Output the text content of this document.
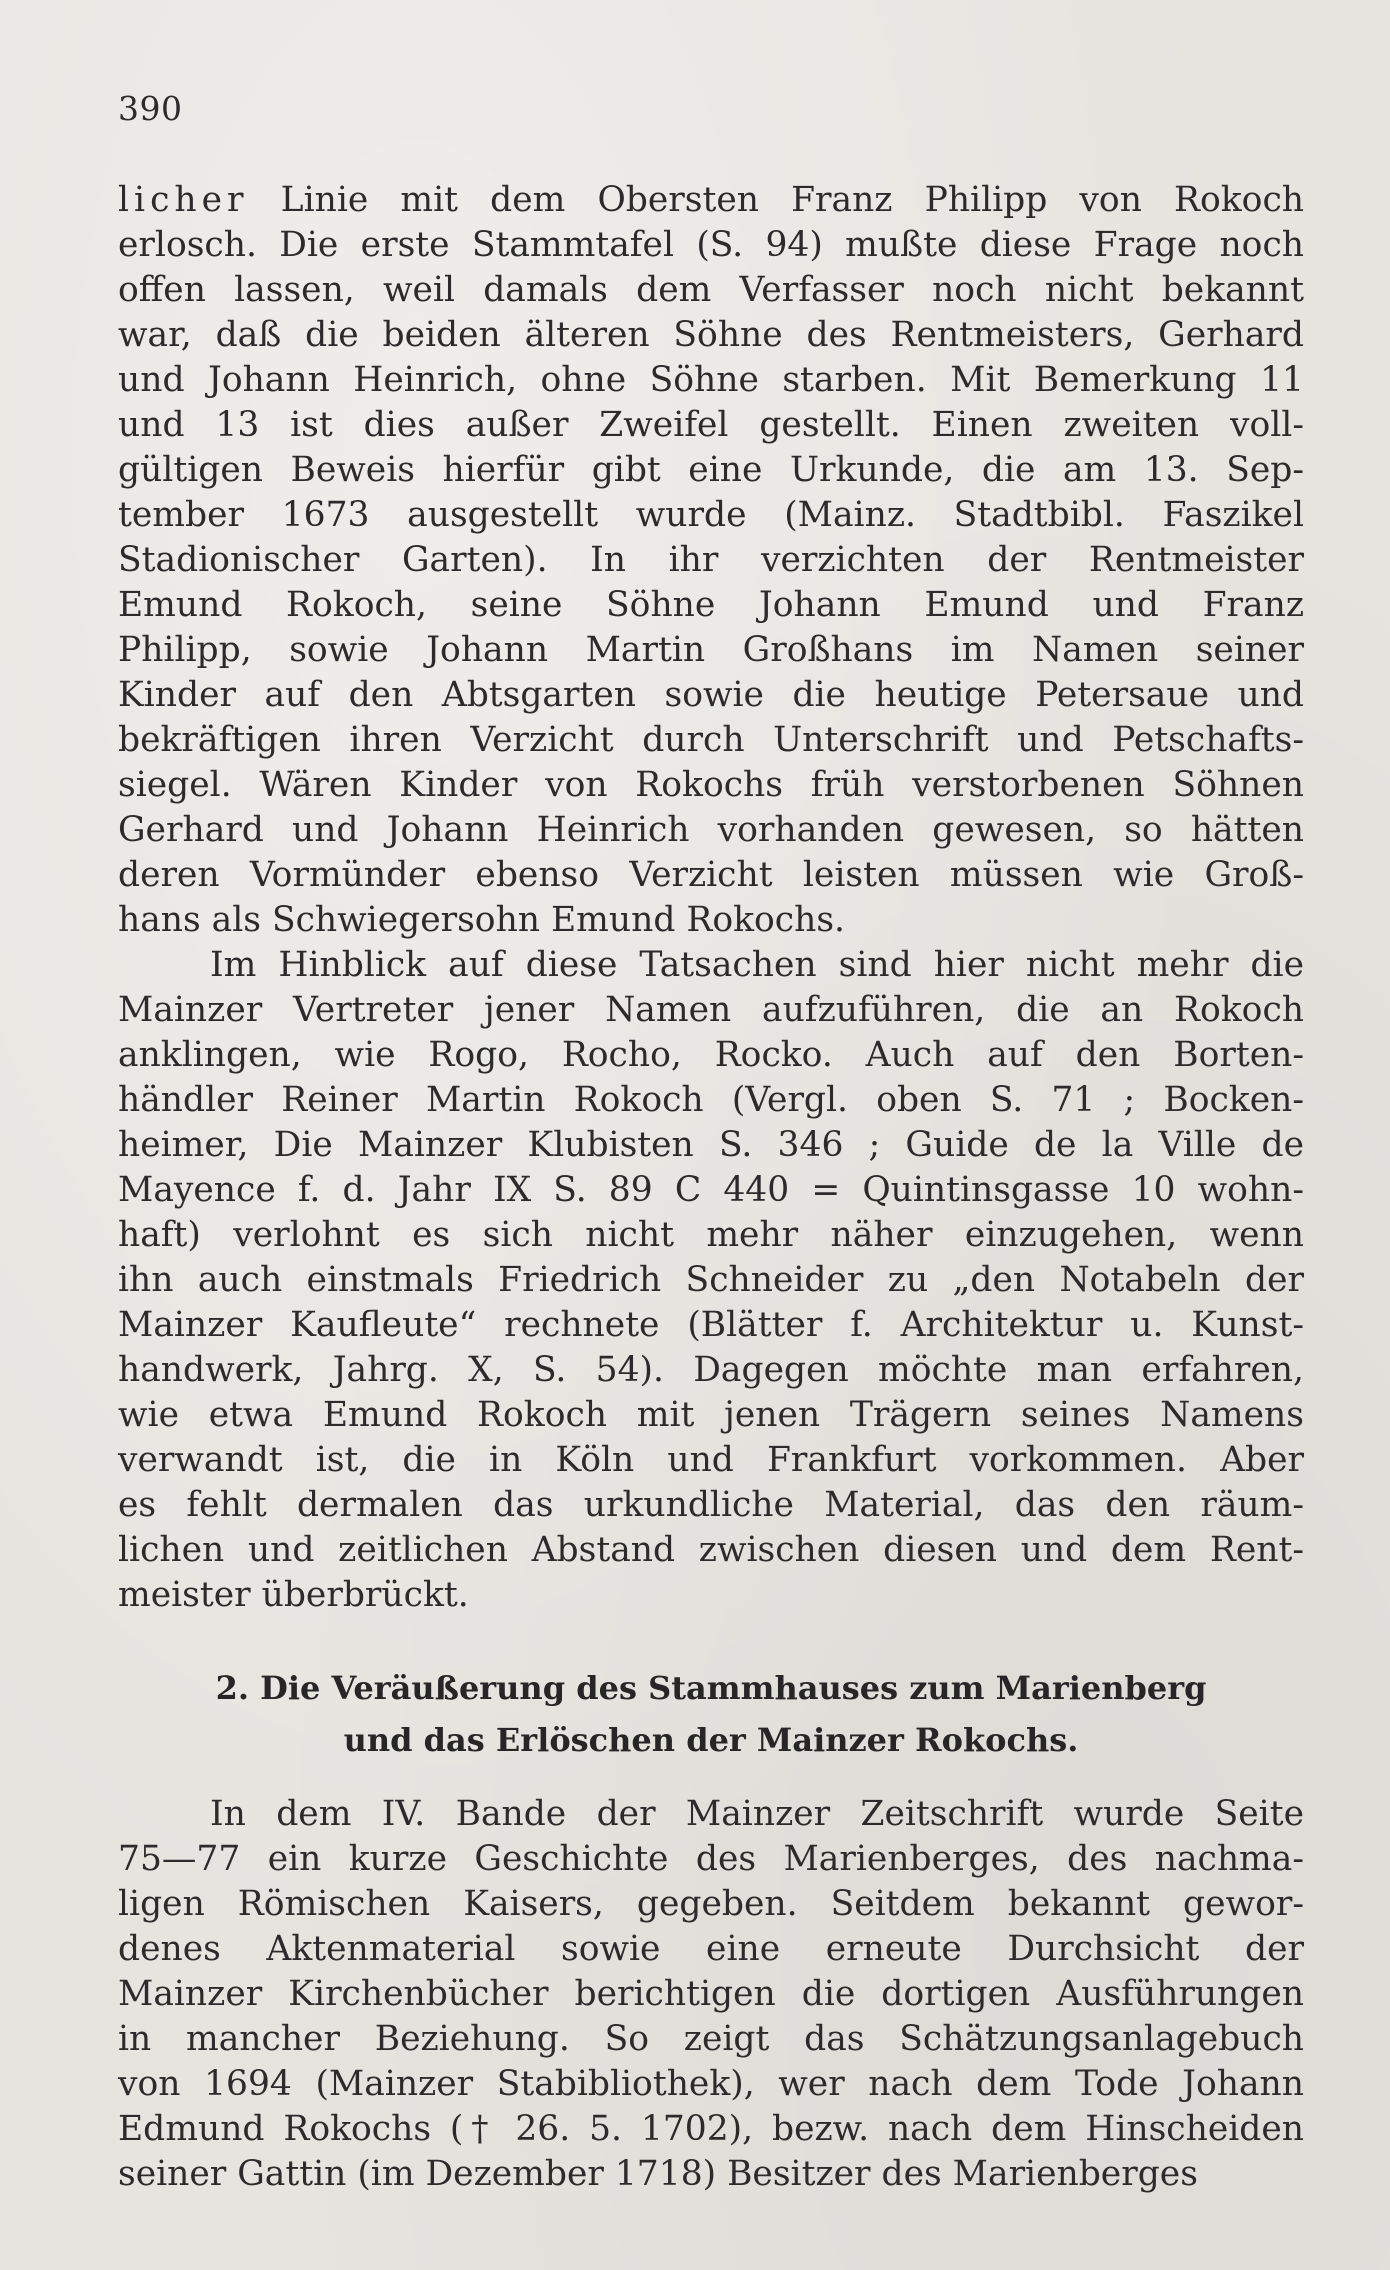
390
licher Linie mit dem Obersten Franz Philipp von Rokoch
erlosch. Die erste Stammtafel (S. 94) mußte diese Frage noch
offen lassen, weil damals dem Verfasser noch nicht bekannt
war, daß die beiden älteren Söhne des Rentmeisters, Gerhard
und Johann Heinrich, ohne Söhne starben. Mit Bemerkung 11
und 13 ist dies außer Zweifel gestellt. Einen zweiten voll-
gültigen Beweis hierfür gibt eine Urkunde, die am 13. Sep-
tember 1673 ausgestellt wurde (Mainz. Stadtbibl. Faszikel
Stadionischer Garten). In ihr verzichten der Rentmeister
Emund Rokoch, seine Söhne Johann Emund und Franz
Philipp, sowie Johann Martin Großhans im Namen seiner
Kinder auf den Abtsgarten sowie die heutige Petersaue und
bekräftigen ihren Verzicht durch Unterschrift und Petschafts-
siegel. Wären Kinder von Rokochs früh verstorbenen Söhnen
Gerhard und Johann Heinrich vorhanden gewesen, so hätten
deren Vormünder ebenso Verzicht leisten müssen wie Groß-
hans als Schwiegersohn Emund Rokochs.
Im Hinblick auf diese Tatsachen sind hier nicht mehr die
Mainzer Vertreter jener Namen aufzuführen, die an Rokoch
anklingen, wie Rogo, Rocho, Rocko. Auch auf den Borten-
händler Reiner Martin Rokoch (Vergl. oben S. 71 ; Bocken-
heimer, Die Mainzer Klubisten S. 346 ; Guide de la Ville de
Mayence f. d. Jahr IX S. 89 C 440 = Quintinsgasse 10 wohn-
haft) verlohnt es sich nicht mehr näher einzugehen, wenn
ihn auch einstmals Friedrich Schneider zu „den Notabeln der
Mainzer Kaufleute“ rechnete (Blätter f. Architektur u. Kunst-
handwerk, Jahrg. X, S. 54). Dagegen möchte man erfahren,
wie etwa Emund Rokoch mit jenen Trägern seines Namens
verwandt ist, die in Köln und Frankfurt vorkommen. Aber
es fehlt dermalen das urkundliche Material, das den räum-
lichen und zeitlichen Abstand zwischen diesen und dem Rent-
meister überbrückt.
2. Die Veräußerung des Stammhauses zum Marienberg
und das Erlöschen der Mainzer Rokochs.
In dem IV. Bande der Mainzer Zeitschrift wurde Seite
75—77 ein kurze Geschichte des Marienberges, des nachma-
ligen Römischen Kaisers, gegeben. Seitdem bekannt gewor-
denes Aktenmaterial sowie eine erneute Durchsicht der
Mainzer Kirchenbücher berichtigen die dortigen Ausführungen
in mancher Beziehung. So zeigt das Schätzungsanlagebuch
von 1694 (Mainzer Stabibliothek), wer nach dem Tode Johann
Edmund Rokochs († 26. 5. 1702), bezw. nach dem Hinscheiden
seiner Gattin (im Dezember 1718) Besitzer des Marienberges
